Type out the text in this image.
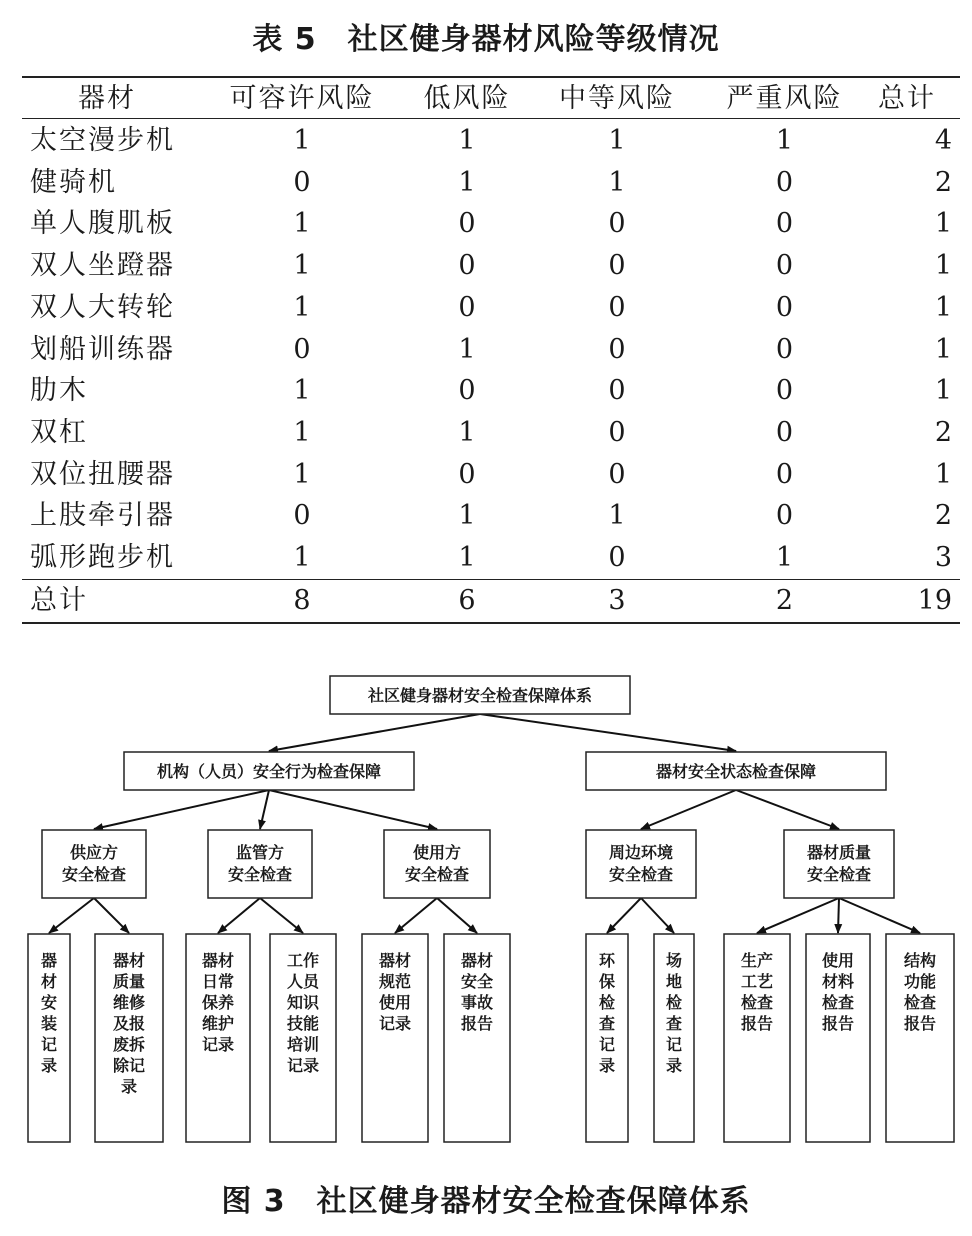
表 5　社区健身器材风险等级情况
器材	可容许风险	低风险	中等风险	严重风险	总计
太空漫步机	1	1	1	1	4
健骑机	0	1	1	0	2
单人腹肌板	1	0	0	0	1
双人坐蹬器	1	0	0	0	1
双人大转轮	1	0	0	0	1
划船训练器	0	1	0	0	1
肋木	1	0	0	0	1
双杠	1	1	0	0	2
双位扭腰器	1	0	0	0	1
上肢牵引器	0	1	1	0	2
弧形跑步机	1	1	0	1	3
总计	8	6	3	2	19
社区健身器材安全检查保障体系
机构（人员）安全行为检查保障
供应方
安全检查
器
材
安
装
记
录
器材
质量
维修
及报
废拆
除记
录
监管方
安全检查
器材
日常
保养
维护
记录
工作
人员
知识
技能
培训
记录
使用方
安全检查
器材
规范
使用
记录
器材
安全
事故
报告
器材安全状态检查保障
周边环境
安全检查
环
保
检
查
记
录
场
地
检
查
记
录
器材质量
安全检查
生产
工艺
检查
报告
使用
材料
检查
报告
结构
功能
检查
报告
图 3　社区健身器材安全检查保障体系
